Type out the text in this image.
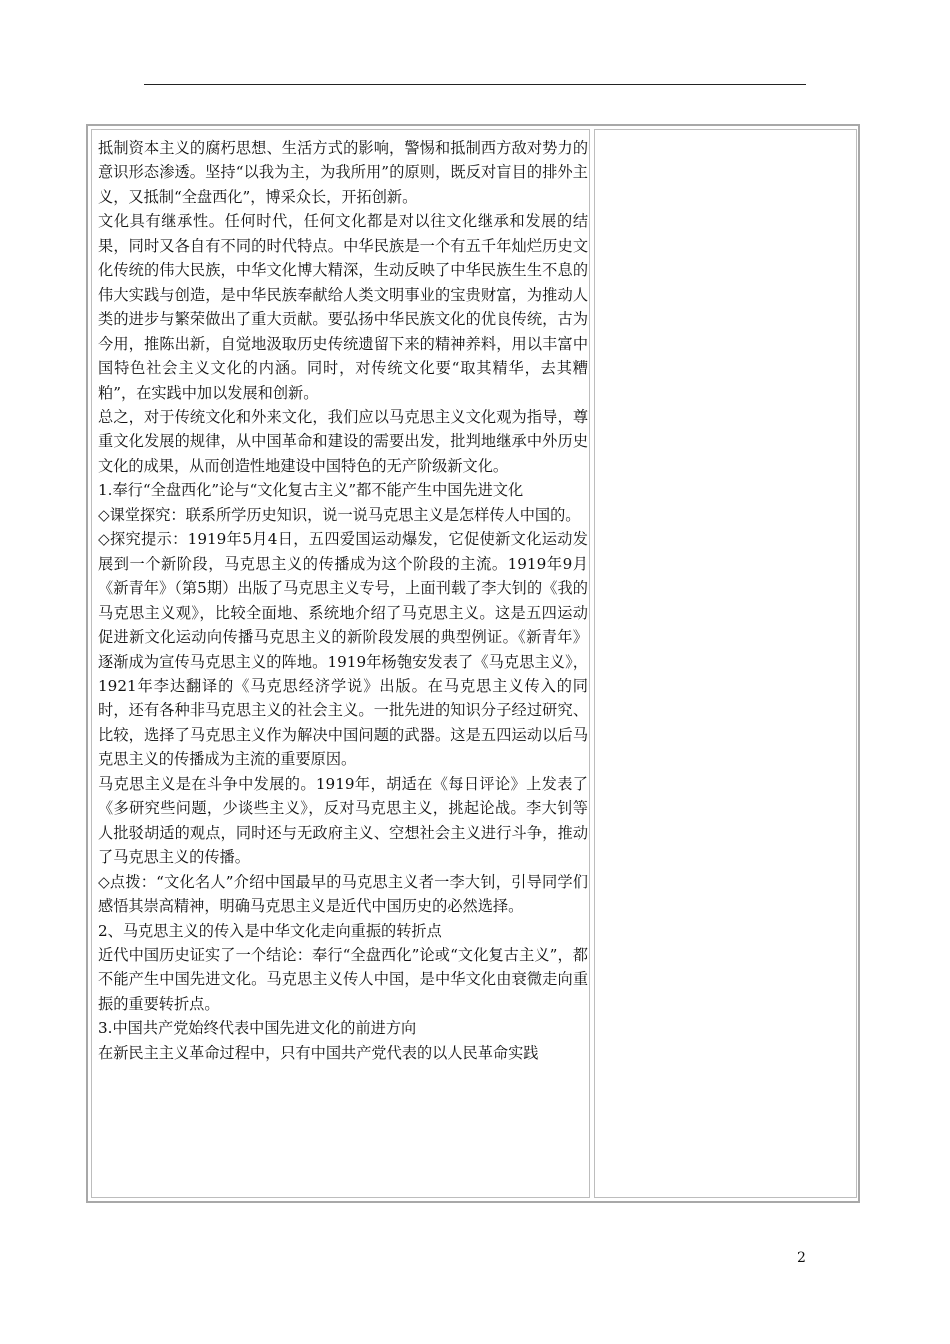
抵制资本主义的腐朽思想、生活方式的影响，警惕和抵制西方敌对势力的意识形态渗透。坚持“以我为主，为我所用”的原则，既反对盲目的排外主义，又抵制“全盘西化”，博采众长，开拓创新。

文化具有继承性。任何时代，任何文化都是对以往文化继承和发展的结果，同时又各自有不同的时代特点。中华民族是一个有五千年灿烂历史文化传统的伟大民族，中华文化博大精深，生动反映了中华民族生生不息的伟大实践与创造，是中华民族奉献给人类文明事业的宝贵财富，为推动人类的进步与繁荣做出了重大贡献。要弘扬中华民族文化的优良传统，古为今用，推陈出新，自觉地汲取历史传统遗留下来的精神养料，用以丰富中国特色社会主义文化的内涵。同时，对传统文化要“取其精华，去其糟粕”，在实践中加以发展和创新。

总之，对于传统文化和外来文化，我们应以马克思主义文化观为指导，尊重文化发展的规律，从中国革命和建设的需要出发，批判地继承中外历史文化的成果，从而创造性地建设中国特色的无产阶级新文化。

1.奉行“全盘西化”论与“文化复古主义”都不能产生中国先进文化

◇课堂探究：联系所学历史知识，说一说马克思主义是怎样传人中国的。

◇探究提示：1919年5月4日，五四爱国运动爆发，它促使新文化运动发展到一个新阶段，马克思主义的传播成为这个阶段的主流。1919年9月《新青年》（第5期）出版了马克思主义专号，上面刊载了李大钊的《我的马克思主义观》，比较全面地、系统地介绍了马克思主义。这是五四运动促进新文化运动向传播马克思主义的新阶段发展的典型例证。《新青年》逐渐成为宣传马克思主义的阵地。1919年杨匏安发表了《马克思主义》，1921年李达翻译的《马克思经济学说》出版。在马克思主义传入的同时，还有各种非马克思主义的社会主义。一批先进的知识分子经过研究、比较，选择了马克思主义作为解决中国问题的武器。这是五四运动以后马克思主义的传播成为主流的重要原因。

马克思主义是在斗争中发展的。1919年，胡适在《每日评论》上发表了《多研究些问题，少谈些主义》，反对马克思主义，挑起论战。李大钊等人批驳胡适的观点，同时还与无政府主义、空想社会主义进行斗争，推动了马克思主义的传播。

◇点拨：“文化名人”介绍中国最早的马克思主义者一李大钊，引导同学们感悟其崇高精神，明确马克思主义是近代中国历史的必然选择。

2、马克思主义的传入是中华文化走向重振的转折点

近代中国历史证实了一个结论：奉行“全盘西化”论或“文化复古主义”，都不能产生中国先进文化。马克思主义传人中国，是中华文化由衰微走向重振的重要转折点。

3.中国共产党始终代表中国先进文化的前进方向

在新民主主义革命过程中，只有中国共产党代表的以人民革命实践

2
